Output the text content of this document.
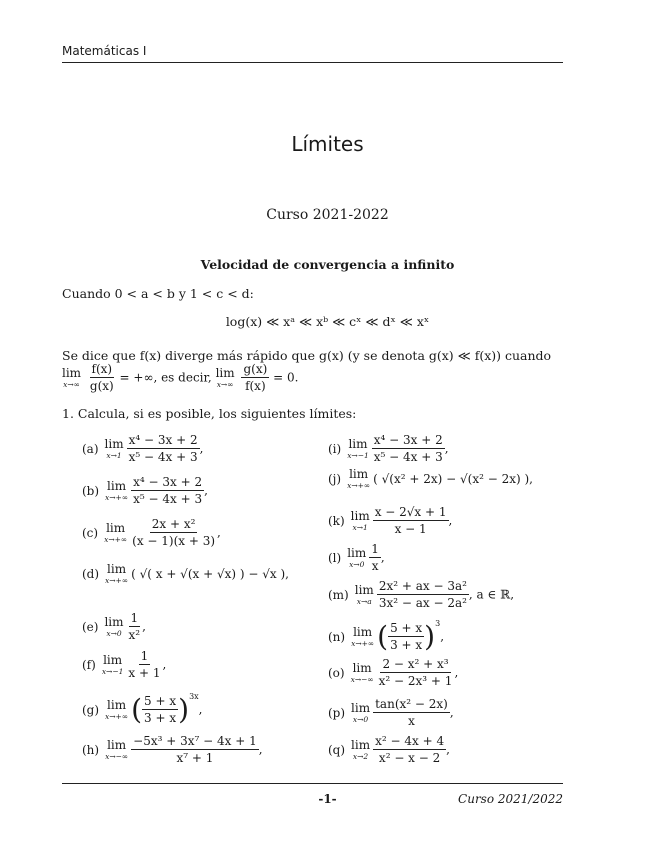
Matemáticas I
Límites
Curso 2021-2022
Velocidad de convergencia a infinito
Cuando 0 < a < b y 1 < c < d:
log(x) ≪ xᵃ ≪ xᵇ ≪ cˣ ≪ dˣ ≪ xˣ
Se dice que f(x) diverge más rápido que g(x) (y se denota g(x) ≪ f(x)) cuando
lim
x→∞
$\frac{f(x)}{g(x)}$ = +∞, es decir, lim
x→∞
$\frac{g(x)}{f(x)} = 0$.
1. Calcula, si es posible, los siguientes límites:
(a) lim
$x\to 1 \frac{\text{x⁴ − 3x + 2}}{\text{x⁵ − 4x + 3}}$ ,
(b) lim
$x\to+\infty \frac{\text{x⁴ − 3x + 2}}{\text{x⁵ − 4x + 3}}$ ,
(c) lim
$x\to+\infty \frac{\text{2x + x²}}{(x - 1)(x + 3)}$ ,
(d) lim
x→+∞ ( √( x + √(x + √x) ) − √x ),
(e) lim
$x\to 0 \frac{1}{\text{x²}}$ ,
(f) lim
$x\to-1 \frac{1}{x + 1}$ ,
(g) lim
x→+∞ ( $\frac{5 + x}{3 + x} )^{3x}$,
(h) lim
$x\to-\infty \frac{\text{−5x³ + 3x⁷ − 4x + 1}}{\text{x⁷ + 1}}$ ,
(i) lim
$x\to-1 \frac{\text{x⁴ − 3x + 2}}{\text{x⁵ − 4x + 3}}$ ,
(j) lim
x→+∞ ( √(x² + 2x) − √(x² − 2x) ),
(k) lim
$x\to 1 \frac{x - 2√x + 1}{x - 1}$ ,
(l) lim
$x\to 0 \frac{1}{x}$ ,
(m) lim
$x\to a \frac{\text{2x² + ax − 3a²}}{\text{3x² − ax − 2a²}}$ , a ∈ ℝ,
(n) lim
x→+∞ ( $\frac{5 + x}{3 + x} )^3$,
(o) lim
$x\to-\infty \frac{\text{2 − x² + x³}}{\text{x² − 2x³ + 1}}$ ,
(p) lim
$x\to 0 \frac{\text{tan(x² − 2x)}}{x}$ ,
(q) lim
$x\to 2 \frac{\text{x² − 4x + 4}}{\text{x² − x − 2}}$ ,
-1-	Curso 2021/2022
